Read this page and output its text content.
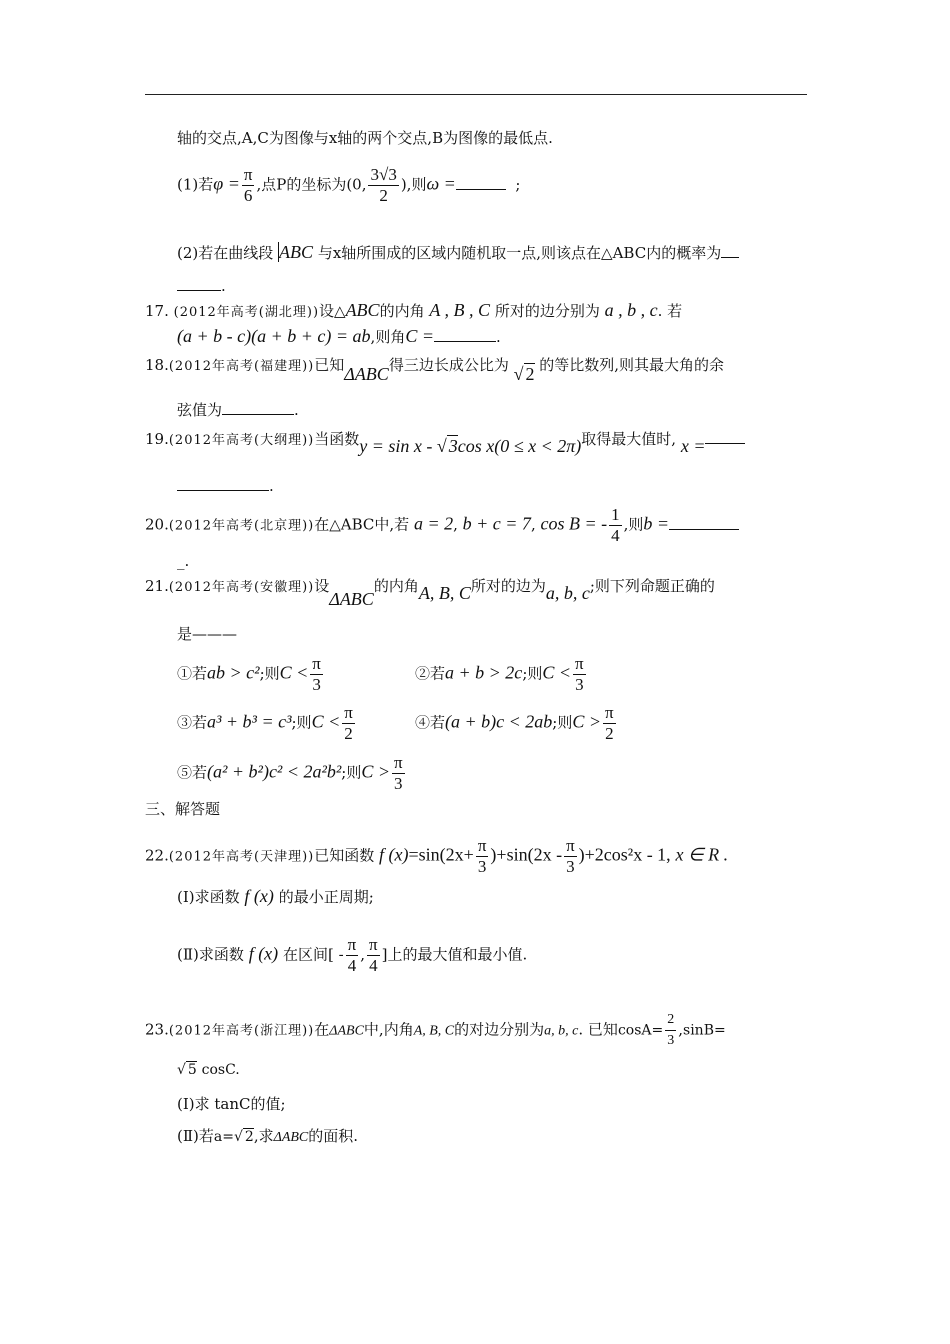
轴的交点,A,C为图像与x轴的两个交点,B为图像的最低点.
(1)若$\varphi = \frac{\pi}{6}$ ,点P的坐标为(0, $\frac{3√3}{2}$ ),则ω =	;
(2)若在曲线段 ABC 与x轴所围成的区域内随机取一点,则该点在△ABC内的概率为
.
17. (2012年高考(湖北理))设△ABC的内角 A , B , C 所对的边分别为 a , b , c. 若
(a + b - c)(a + b + c) = ab,则角C =	.
18.(2012年高考(福建理))已知ΔABC得三边长成公比为 √ 2 的等比数列,则其最大角的余
弦值为	.
19.(2012年高考(大纲理))当函数y = sin x - √ 3cos x(0 ≤ x < 2π)取得最大值时, x =
.
20.(2012年高考(北京理))在△ABC中,若 a = 2, b + c = 7, cos B = - $\frac{1}{4}$ ,则b =
_.
21.(2012年高考(安徽理))设ΔABC的内角A, B, C所对的边为a, b, c;则下列命题正确的
是———
①若ab > c²;则$C < \frac{\pi}{3}$	②若a + b > 2c;则$C < \frac{\pi}{3}$
③若a³ + b³ = c³;则$C < \frac{\pi}{2}$	④若(a + b)c < 2ab;则$C > \frac{\pi}{2}$
⑤若(a² + b²)c² < 2a²b²;则$C > \frac{\pi}{3}$
三、解答题
22.(2012年高考(天津理))已知函数 f $(x)=\sin(2x+ \frac{\pi}{3} )+\sin(2x - \frac{\pi}{3} )+2\cos^2x - 1$, x ∈ R .
(Ⅰ)求函数 f (x) 的最小正周期;
(Ⅱ)求函数 f (x) 在区间[ - $\frac{\pi}{4}$ , $\frac{\pi}{4}$ ]上的最大值和最小值.
23.(2012年高考(浙江理))在ΔABC中,内角A, B, C的对边分别为a, b, c. 已知$\cos A= \frac{2}{3} ,\sin B=$
√ 5 cosC.
(Ⅰ)求 tanC的值;
(Ⅱ)若a=√ 2,求ΔABC的面积.
